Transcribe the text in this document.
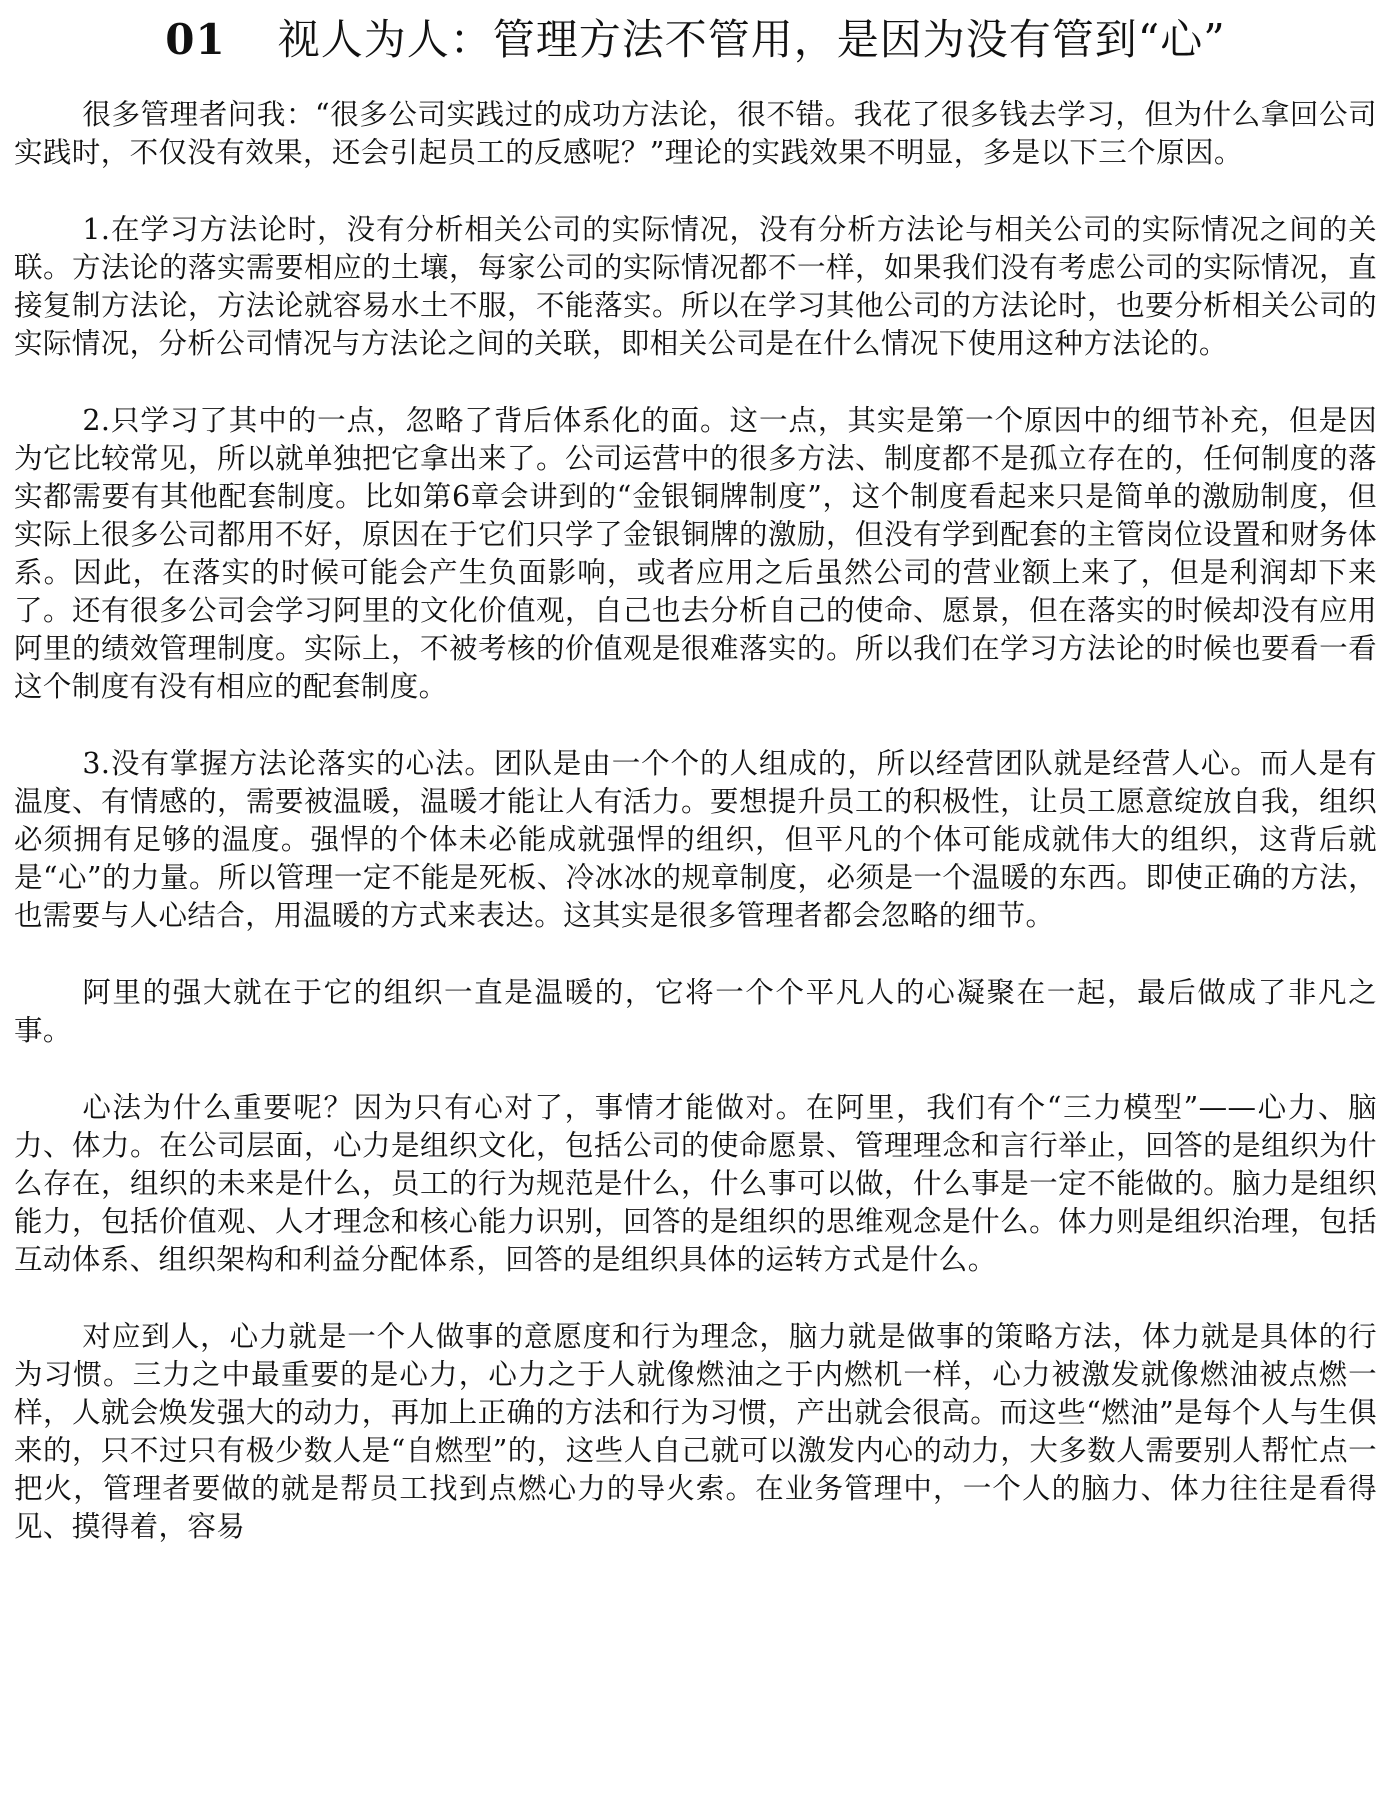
01 视人为人：管理方法不管用，是因为没有管到“心”

很多管理者问我：“很多公司实践过的成功方法论，很不错。我花了很多钱去学习，但为什么拿回公司实践时，不仅没有效果，还会引起员工的反感呢？”理论的实践效果不明显，多是以下三个原因。

1.在学习方法论时，没有分析相关公司的实际情况，没有分析方法论与相关公司的实际情况之间的关联。方法论的落实需要相应的土壤，每家公司的实际情况都不一样，如果我们没有考虑公司的实际情况，直接复制方法论，方法论就容易水土不服，不能落实。所以在学习其他公司的方法论时，也要分析相关公司的实际情况，分析公司情况与方法论之间的关联，即相关公司是在什么情况下使用这种方法论的。

2.只学习了其中的一点，忽略了背后体系化的面。这一点，其实是第一个原因中的细节补充，但是因为它比较常见，所以就单独把它拿出来了。公司运营中的很多方法、制度都不是孤立存在的，任何制度的落实都需要有其他配套制度。比如第6章会讲到的“金银铜牌制度”，这个制度看起来只是简单的激励制度，但实际上很多公司都用不好，原因在于它们只学了金银铜牌的激励，但没有学到配套的主管岗位设置和财务体系。因此，在落实的时候可能会产生负面影响，或者应用之后虽然公司的营业额上来了，但是利润却下来了。还有很多公司会学习阿里的文化价值观，自己也去分析自己的使命、愿景，但在落实的时候却没有应用阿里的绩效管理制度。实际上，不被考核的价值观是很难落实的。所以我们在学习方法论的时候也要看一看这个制度有没有相应的配套制度。

3.没有掌握方法论落实的心法。团队是由一个个的人组成的，所以经营团队就是经营人心。而人是有温度、有情感的，需要被温暖，温暖才能让人有活力。要想提升员工的积极性，让员工愿意绽放自我，组织必须拥有足够的温度。强悍的个体未必能成就强悍的组织，但平凡的个体可能成就伟大的组织，这背后就是“心”的力量。所以管理一定不能是死板、冷冰冰的规章制度，必须是一个温暖的东西。即使正确的方法，也需要与人心结合，用温暖的方式来表达。这其实是很多管理者都会忽略的细节。

阿里的强大就在于它的组织一直是温暖的，它将一个个平凡人的心凝聚在一起，最后做成了非凡之事。

心法为什么重要呢？因为只有心对了，事情才能做对。在阿里，我们有个“三力模型”——心力、脑力、体力。在公司层面，心力是组织文化，包括公司的使命愿景、管理理念和言行举止，回答的是组织为什么存在，组织的未来是什么，员工的行为规范是什么，什么事可以做，什么事是一定不能做的。脑力是组织能力，包括价值观、人才理念和核心能力识别，回答的是组织的思维观念是什么。体力则是组织治理，包括互动体系、组织架构和利益分配体系，回答的是组织具体的运转方式是什么。

对应到人，心力就是一个人做事的意愿度和行为理念，脑力就是做事的策略方法，体力就是具体的行为习惯。三力之中最重要的是心力，心力之于人就像燃油之于内燃机一样，心力被激发就像燃油被点燃一样，人就会焕发强大的动力，再加上正确的方法和行为习惯，产出就会很高。而这些“燃油”是每个人与生俱来的，只不过只有极少数人是“自燃型”的，这些人自己就可以激发内心的动力，大多数人需要别人帮忙点一把火，管理者要做的就是帮员工找到点燃心力的导火索。在业务管理中，一个人的脑力、体力往往是看得见、摸得着，容易
